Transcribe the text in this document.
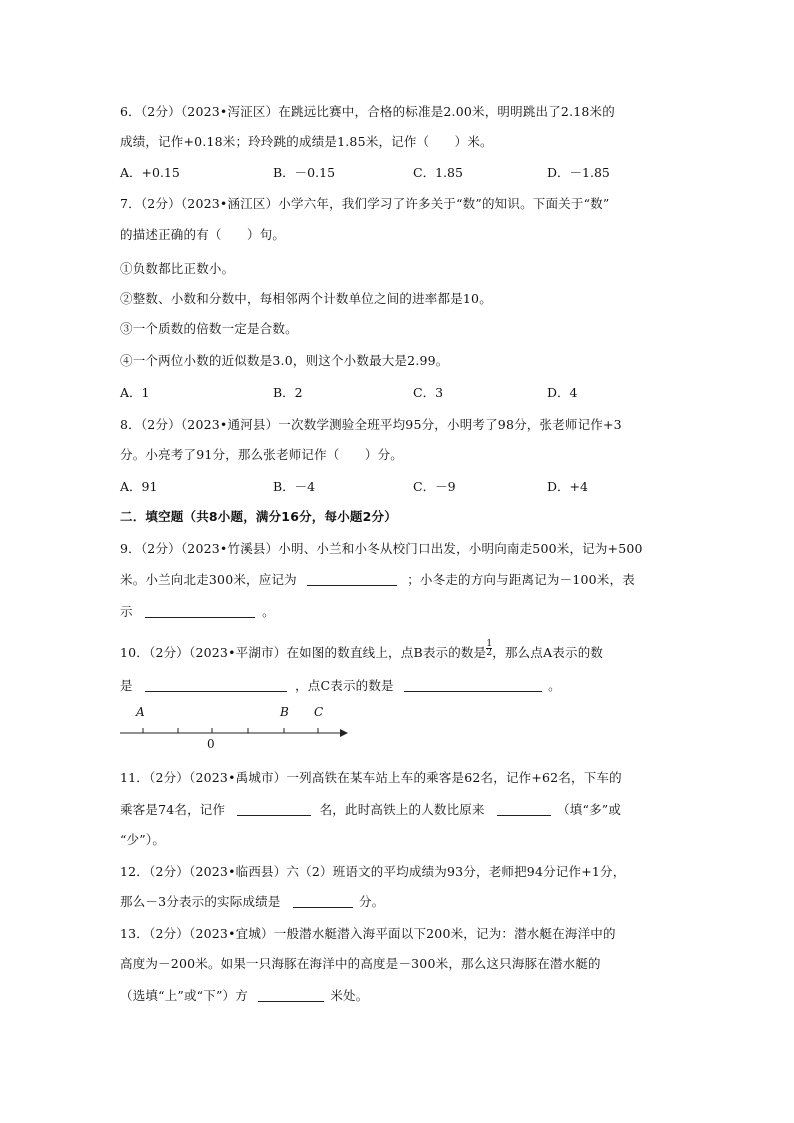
6．（2分）（2023•泻泟区）在跳远比赛中，合格的标准是2.00米，明明跳出了2.18米的
成绩，记作+0.18米；玲玲跳的成绩是1.85米，记作（　　）米。
A．+0.15	B．－0.15	C．1.85	D．－1.85
7．（2分）（2023•涵江区）小学六年，我们学习了许多关于“数”的知识。下面关于“数”
的描述正确的有（　　）句。
①负数都比正数小。
②整数、小数和分数中，每相邻两个计数单位之间的进率都是10。
③一个质数的倍数一定是合数。
④一个两位小数的近似数是3.0，则这个小数最大是2.99。
A．1	B．2	C．3	D．4
8．（2分）（2023•通河县）一次数学测验全班平均95分，小明考了98分，张老师记作+3
分。小亮考了91分，那么张老师记作（　　）分。
A．91	B．－4	C．－9	D．+4
二．填空题（共8小题，满分16分，每小题2分）
9．（2分）（2023•竹溪县）小明、小兰和小冬从校门口出发，小明向南走500米，记为+500
米。小兰向北走300米，应记为	；小冬走的方向与距离记为－100米，表
示	。
10．（2分）（2023•平湖市）在如图的数直线上，点B表示的数是 $\frac{1}{2}$ ，那么点A表示的数
是	，点C表示的数是	。
A	B C
0
11．（2分）（2023•禹城市）一列高铁在某车站上车的乘客是62名，记作+62名，下车的
乘客是74名，记作	名，此时高铁上的人数比原来	（填“多”或
“少”）。
12．（2分）（2023•临西县）六（2）班语文的平均成绩为93分，老师把94分记作+1分，
那么－3分表示的实际成绩是	分。
13．（2分）（2023•宜城）一般潜水艇潜入海平面以下200米，记为：潜水艇在海洋中的
高度为－200米。如果一只海豚在海洋中的高度是－300米，那么这只海豚在潜水艇的
（选填“上”或“下”）方	米处。
